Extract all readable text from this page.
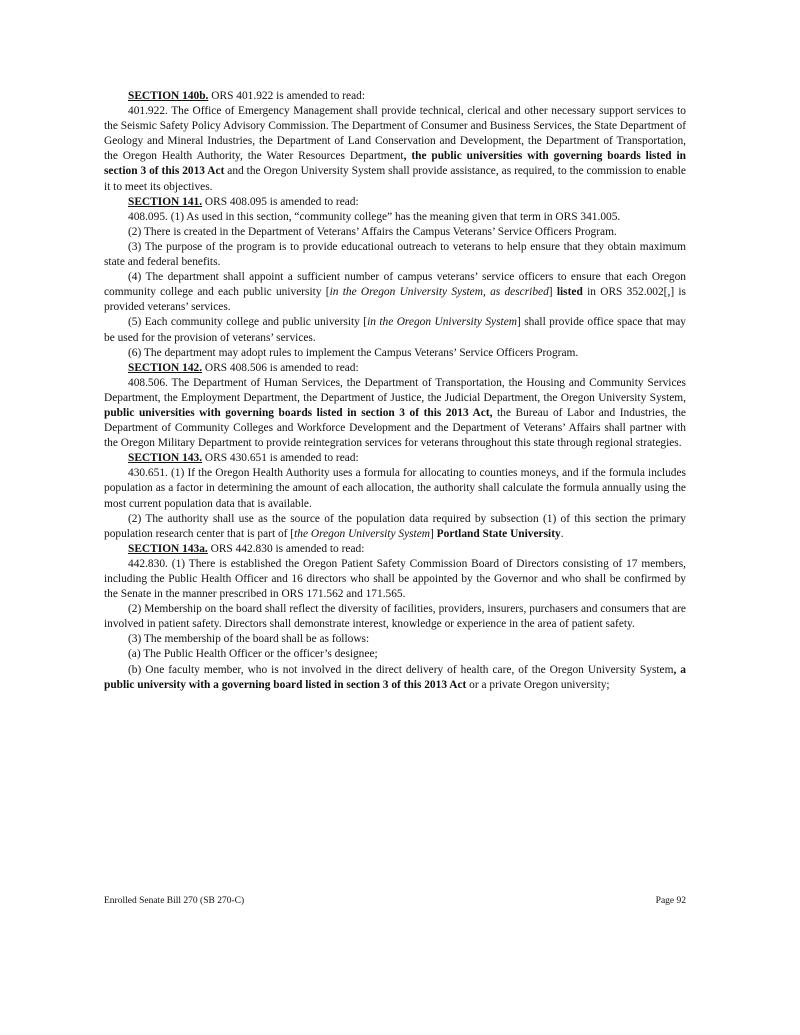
SECTION 140b. ORS 401.922 is amended to read:

401.922. The Office of Emergency Management shall provide technical, clerical and other necessary support services to the Seismic Safety Policy Advisory Commission. The Department of Consumer and Business Services, the State Department of Geology and Mineral Industries, the Department of Land Conservation and Development, the Department of Transportation, the Oregon Health Authority, the Water Resources Department, the public universities with governing boards listed in section 3 of this 2013 Act and the Oregon University System shall provide assistance, as required, to the commission to enable it to meet its objectives.

SECTION 141. ORS 408.095 is amended to read:

408.095. (1) As used in this section, “community college” has the meaning given that term in ORS 341.005.

(2) There is created in the Department of Veterans’ Affairs the Campus Veterans’ Service Officers Program.

(3) The purpose of the program is to provide educational outreach to veterans to help ensure that they obtain maximum state and federal benefits.

(4) The department shall appoint a sufficient number of campus veterans’ service officers to ensure that each Oregon community college and each public university [in the Oregon University System, as described] listed in ORS 352.002[,] is provided veterans’ services.

(5) Each community college and public university [in the Oregon University System] shall provide office space that may be used for the provision of veterans’ services.

(6) The department may adopt rules to implement the Campus Veterans’ Service Officers Program.

SECTION 142. ORS 408.506 is amended to read:

408.506. The Department of Human Services, the Department of Transportation, the Housing and Community Services Department, the Employment Department, the Department of Justice, the Judicial Department, the Oregon University System, public universities with governing boards listed in section 3 of this 2013 Act, the Bureau of Labor and Industries, the Department of Community Colleges and Workforce Development and the Department of Veterans’ Affairs shall partner with the Oregon Military Department to provide reintegration services for veterans throughout this state through regional strategies.

SECTION 143. ORS 430.651 is amended to read:

430.651. (1) If the Oregon Health Authority uses a formula for allocating to counties moneys, and if the formula includes population as a factor in determining the amount of each allocation, the authority shall calculate the formula annually using the most current population data that is available.

(2) The authority shall use as the source of the population data required by subsection (1) of this section the primary population research center that is part of [the Oregon University System] Portland State University.

SECTION 143a. ORS 442.830 is amended to read:

442.830. (1) There is established the Oregon Patient Safety Commission Board of Directors consisting of 17 members, including the Public Health Officer and 16 directors who shall be appointed by the Governor and who shall be confirmed by the Senate in the manner prescribed in ORS 171.562 and 171.565.

(2) Membership on the board shall reflect the diversity of facilities, providers, insurers, purchasers and consumers that are involved in patient safety. Directors shall demonstrate interest, knowledge or experience in the area of patient safety.

(3) The membership of the board shall be as follows:

(a) The Public Health Officer or the officer’s designee;

(b) One faculty member, who is not involved in the direct delivery of health care, of the Oregon University System, a public university with a governing board listed in section 3 of this 2013 Act or a private Oregon university;

Enrolled Senate Bill 270 (SB 270-C)	Page 92
